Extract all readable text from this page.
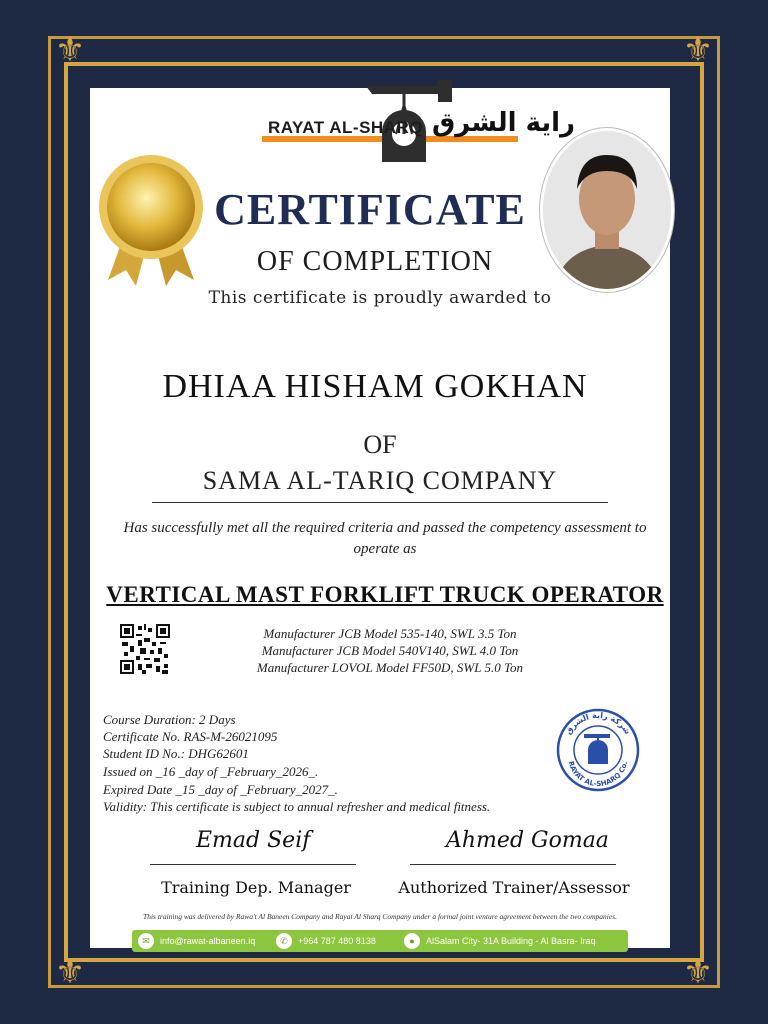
⚜	⚜
⚜	⚜
RAYAT AL-SHARQ راية الشرق
CERTIFICATE
OF COMPLETION
This certificate is proudly awarded to
DHIAA HISHAM GOKHAN
OF
SAMA AL-TARIQ COMPANY
Has successfully met all the required criteria and passed the competency assessment to operate as
VERTICAL MAST FORKLIFT TRUCK OPERATOR
Manufacturer JCB Model 535-140, SWL 3.5 Ton
Manufacturer JCB Model 540V140, SWL 4.0 Ton
Manufacturer LOVOL Model FF50D, SWL 5.0 Ton
Course Duration: 2 Days
Certificate No. RAS-M-26021095
Student ID No.: DHG62601
Issued on _16 _day of _February_2026_.
Expired Date _15 _day of _February_2027_.
Validity: This certificate is subject to annual refresher and medical fitness.
شركة راية الشرق
RAYAT AL-SHARQ Co.
Emad Seif
Training Dep. Manager
Ahmed Gomaa
Authorized Trainer/Assessor
This training was delivered by Rawa't Al Baneen Company and Rayat Al Sharq Company under a formal joint venture agreement between the two companies.
✉	info@rawat-albaneen.iq	✆	+964 787 480 8138	●	AlSalam City- 31A Building - Al Basra- Iraq
